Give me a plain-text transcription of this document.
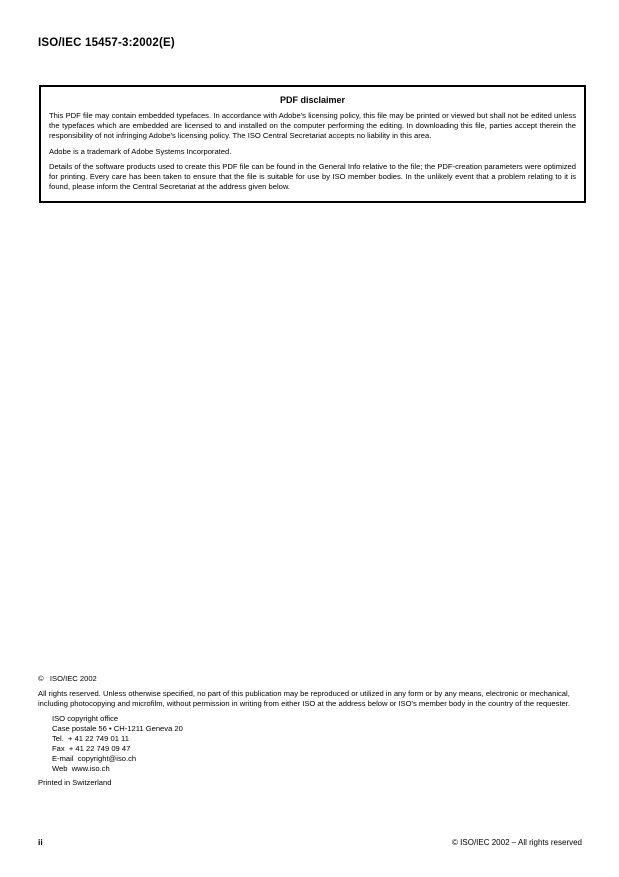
ISO/IEC 15457-3:2002(E)
PDF disclaimer

This PDF file may contain embedded typefaces. In accordance with Adobe's licensing policy, this file may be printed or viewed but shall not be edited unless the typefaces which are embedded are licensed to and installed on the computer performing the editing. In downloading this file, parties accept therein the responsibility of not infringing Adobe's licensing policy. The ISO Central Secretariat accepts no liability in this area.

Adobe is a trademark of Adobe Systems Incorporated.

Details of the software products used to create this PDF file can be found in the General Info relative to the file; the PDF-creation parameters were optimized for printing. Every care has been taken to ensure that the file is suitable for use by ISO member bodies. In the unlikely event that a problem relating to it is found, please inform the Central Secretariat at the address given below.

©   ISO/IEC 2002

All rights reserved. Unless otherwise specified, no part of this publication may be reproduced or utilized in any form or by any means, electronic or mechanical, including photocopying and microfilm, without permission in writing from either ISO at the address below or ISO's member body in the country of the requester.

ISO copyright office
Case postale 56 • CH-1211 Geneva 20
Tel.  + 41 22 749 01 11
Fax  + 41 22 749 09 47
E-mail  copyright@iso.ch
Web  www.iso.ch
Printed in Switzerland
ii	© ISO/IEC 2002 – All rights reserved
